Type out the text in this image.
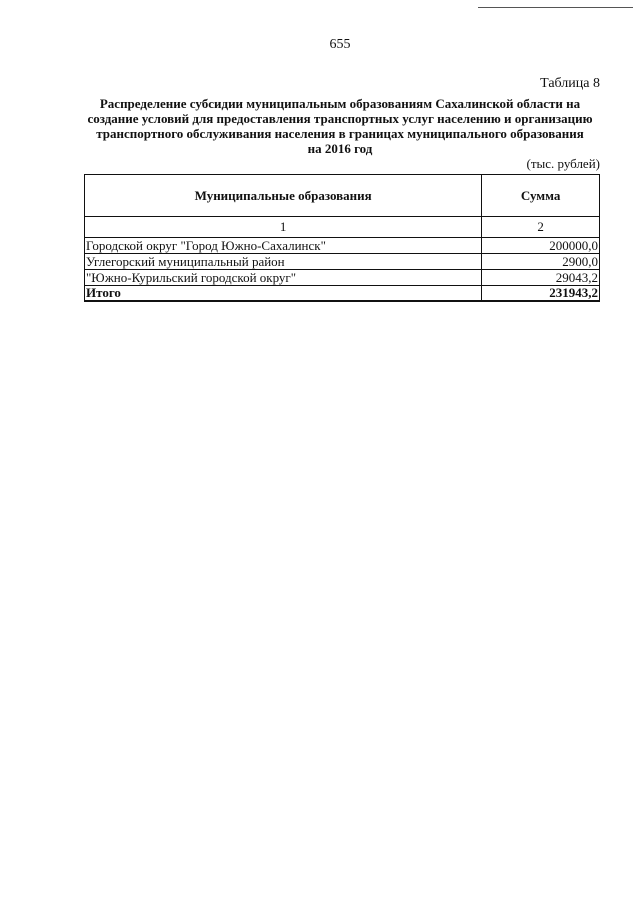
655
Таблица 8
Распределение субсидии муниципальным образованиям Сахалинской области на
создание условий для предоставления транспортных услуг населению и организацию
транспортного обслуживания населения в границах муниципального образования
на 2016 год
(тыс. рублей)
Муниципальные образования	Сумма
1	2
Городской округ "Город Южно-Сахалинск"	200000,0
Углегорский муниципальный район	2900,0
"Южно-Курильский городской округ"	29043,2
Итого	231943,2
